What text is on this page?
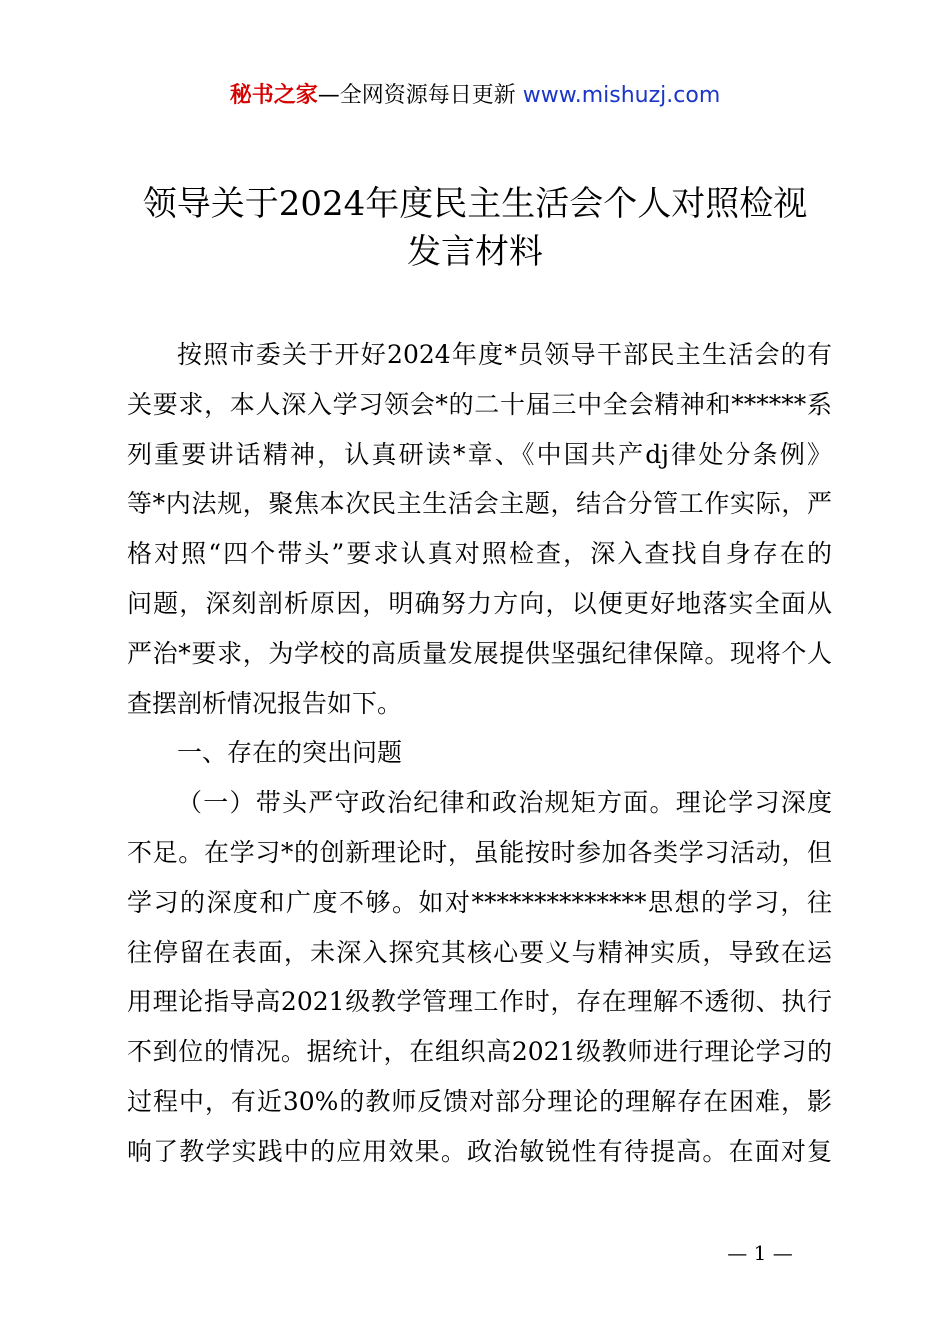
秘书之家—全网资源每日更新 www.mishuzj.com
领导关于2024年度民主生活会个人对照检视
发言材料
按照市委关于开好2024年度*员领导干部民主生活会的有
关要求，本人深入学习领会*的二十届三中全会精神和******系
列重要讲话精神，认真研读*章、《中国共产dj律处分条例》
等*内法规，聚焦本次民主生活会主题，结合分管工作实际，严
格对照“四个带头”要求认真对照检查，深入查找自身存在的
问题，深刻剖析原因，明确努力方向，以便更好地落实全面从
严治*要求，为学校的高质量发展提供坚强纪律保障。现将个人
查摆剖析情况报告如下。
一、存在的突出问题
（一）带头严守政治纪律和政治规矩方面。理论学习深度
不足。在学习*的创新理论时，虽能按时参加各类学习活动，但
学习的深度和广度不够。如对**************思想的学习，往
往停留在表面，未深入探究其核心要义与精神实质，导致在运
用理论指导高2021级教学管理工作时，存在理解不透彻、执行
不到位的情况。据统计，在组织高2021级教师进行理论学习的
过程中，有近30%的教师反馈对部分理论的理解存在困难，影
响了教学实践中的应用效果。政治敏锐性有待提高。在面对复
— 1 —
